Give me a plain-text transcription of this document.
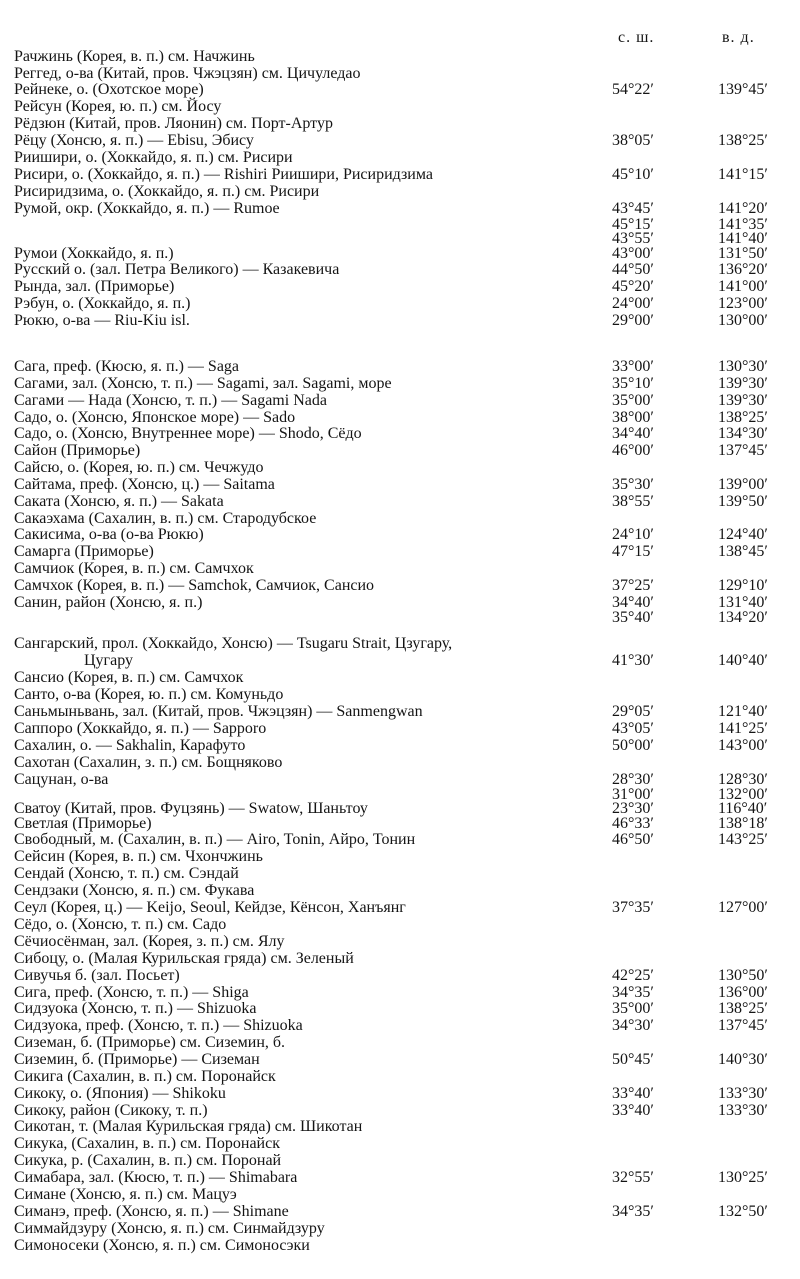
с. ш.	в. д.
Рачжинь (Корея, в. п.) см. Начжинь
Реггед, о-ва (Китай, пров. Чжэцзян) см. Цичуледао
Рейнеке, о. (Охотское море)	54°22′	139°45′
Рейсун (Корея, ю. п.) см. Йосу
Рёдзюн (Китай, пров. Ляонин) см. Порт-Артур
Рёцу (Хонсю, я. п.) — Ebisu, Эбису	38°05′	138°25′
Риишири, о. (Хоккайдо, я. п.) см. Рисири
Рисири, о. (Хоккайдо, я. п.) — Rishiri Риишири, Рисиридзима	45°10′	141°15′
Рисиридзима, о. (Хоккайдо, я. п.) см. Рисири
Румой, окр. (Хоккайдо, я. п.) — Rumoe	43°45′	141°20′
45°15′	141°35′
43°55′	141°40′
Румои (Хоккайдо, я. п.)	43°00′	131°50′
Русский о. (зал. Петра Великого) — Казакевича	44°50′	136°20′
Рында, зал. (Приморье)	45°20′	141°00′
Рэбун, о. (Хоккайдо, я. п.)	24°00′	123°00′
Рюкю, о-ва — Riu-Kiu isl.	29°00′	130°00′
Сага, преф. (Кюсю, я. п.) — Saga	33°00′	130°30′
Сагами, зал. (Хонсю, т. п.) — Sagami, зал. Sagami, море	35°10′	139°30′
Сагами — Нада (Хонсю, т. п.) — Sagami Nada	35°00′	139°30′
Садо, о. (Хонсю, Японское море) — Sado	38°00′	138°25′
Садо, о. (Хонсю, Внутреннее море) — Shodo, Сёдо	34°40′	134°30′
Сайон (Приморье)	46°00′	137°45′
Сайсю, о. (Корея, ю. п.) см. Чечжудо
Сайтама, преф. (Хонсю, ц.) — Saitama	35°30′	139°00′
Саката (Хонсю, я. п.) — Sakata	38°55′	139°50′
Сакаэхама (Сахалин, в. п.) см. Стародубское
Сакисима, о-ва (о-ва Рюкю)	24°10′	124°40′
Самарга (Приморье)	47°15′	138°45′
Самчиок (Корея, в. п.) см. Самчхок
Самчхок (Корея, в. п.) — Samchok, Самчиок, Сансио	37°25′	129°10′
Санин, район (Хонсю, я. п.)	34°40′	131°40′
35°40′	134°20′
Сангарский, прол. (Хоккайдо, Хонсю) — Tsugaru Strait, Цзугару,
Цугару	41°30′	140°40′
Сансио (Корея, в. п.) см. Самчхок
Санто, о-ва (Корея, ю. п.) см. Комуньдо
Саньмыньвань, зал. (Китай, пров. Чжэцзян) — Sanmengwan	29°05′	121°40′
Саппоро (Хоккайдо, я. п.) — Sapporo	43°05′	141°25′
Сахалин, о. — Sakhalin, Карафуто	50°00′	143°00′
Сахотан (Сахалин, з. п.) см. Бощняково
Сацунан, о-ва	28°30′	128°30′
31°00′	132°00′
Сватоу (Китай, пров. Фуцзянь) — Swatow, Шаньтоу	23°30′	116°40′
Светлая (Приморье)	46°33′	138°18′
Свободный, м. (Сахалин, в. п.) — Airo, Tonin, Айро, Тонин	46°50′	143°25′
Сейсин (Корея, в. п.) см. Чхончжинь
Сендай (Хонсю, т. п.) см. Сэндай
Сендзаки (Хонсю, я. п.) см. Фукава
Сеул (Корея, ц.) — Keijo, Seoul, Кейдзе, Кёнсон, Ханъянг	37°35′	127°00′
Сёдо, о. (Хонсю, т. п.) см. Садо
Сёчиосёнман, зал. (Корея, з. п.) см. Ялу
Сибоцу, о. (Малая Курильская гряда) см. Зеленый
Сивучья б. (зал. Посьет)	42°25′	130°50′
Сига, преф. (Хонсю, т. п.) — Shiga	34°35′	136°00′
Сидзуока (Хонсю, т. п.) — Shizuoka	35°00′	138°25′
Сидзуока, преф. (Хонсю, т. п.) — Shizuoka	34°30′	137°45′
Сиземан, б. (Приморье) см. Сиземин, б.
Сиземин, б. (Приморье) — Сиземан	50°45′	140°30′
Сикига (Сахалин, в. п.) см. Поронайск
Сикоку, о. (Япония) — Shikoku	33°40′	133°30′
Сикоку, район (Сикоку, т. п.)	33°40′	133°30′
Сикотан, т. (Малая Курильская гряда) см. Шикотан
Сикука, (Сахалин, в. п.) см. Поронайск
Сикука, р. (Сахалин, в. п.) см. Поронай
Симабара, зал. (Кюсю, т. п.) — Shimabara	32°55′	130°25′
Симане (Хонсю, я. п.) см. Мацуэ
Симанэ, преф. (Хонсю, я. п.) — Shimane	34°35′	132°50′
Симмайдзуру (Хонсю, я. п.) см. Синмайдзуру
Симоносеки (Хонсю, я. п.) см. Симоносэки
